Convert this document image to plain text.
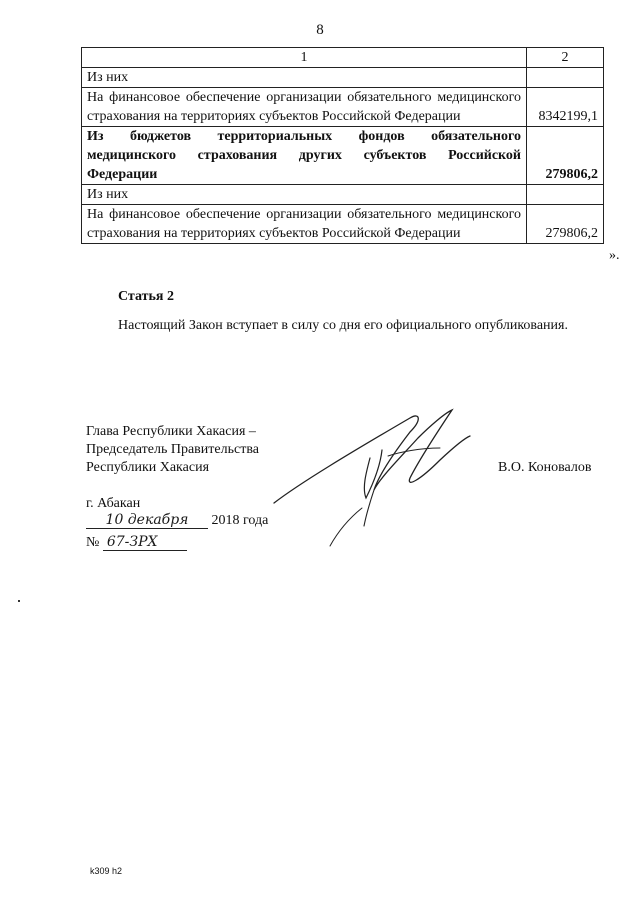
8
1	2
Из них	
На финансовое обеспечение организации обязательного медицинского страхования на территориях субъектов Российской Федерации	8342199,1
Из бюджетов территориальных фондов обязательного медицинского страхования других субъектов Российской Федерации	279806,2
Из них	
На финансовое обеспечение организации обязательного медицинского страхования на территориях субъектов Российской Федерации	279806,2
».
Статья 2
Настоящий Закон вступает в силу со дня его официального опубликования.
Глава Республики Хакасия –
Председатель Правительства
Республики Хакасия	В.О. Коновалов
г. Абакан
10 декабря 2018 года
№ 67-ЗРХ
k309 h2
